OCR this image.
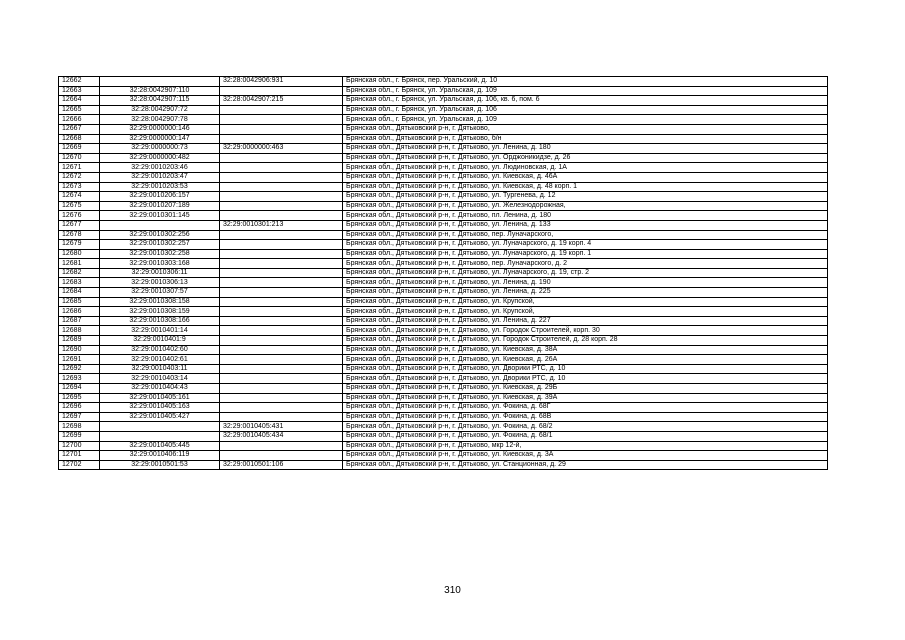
12662		32:28:0042906:931	Брянская обл., г. Брянск, пер. Уральский, д. 10
12663	32:28:0042907:110		Брянская обл., г. Брянск, ул. Уральская, д. 109
12664	32:28:0042907:115	32:28:0042907:215	Брянская обл., г. Брянск, ул. Уральская, д. 106, кв. 6, пом. 6
12665	32:28:0042907:72		Брянская обл., г. Брянск, ул. Уральская, д. 106
12666	32:28:0042907:78		Брянская обл., г. Брянск, ул. Уральская, д. 109
12667	32:29:0000000:146		Брянская обл., Дятьковский р-н, г. Дятьково,
12668	32:29:0000000:147		Брянская обл., Дятьковский р-н, г. Дятьково, б/н
12669	32:29:0000000:73	32:29:0000000:463	Брянская обл., Дятьковский р-н, г. Дятьково, ул. Ленина, д. 180
12670	32:29:0000000:482		Брянская обл., Дятьковский р-н, г. Дятьково, ул. Орджоникидзе, д. 26
12671	32:29:0010203:46		Брянская обл., Дятьковский р-н, г. Дятьково, ул. Людиновская, д. 1А
12672	32:29:0010203:47		Брянская обл., Дятьковский р-н, г. Дятьково, ул. Киевская, д. 46А
12673	32:29:0010203:53		Брянская обл., Дятьковский р-н, г. Дятьково, ул. Киевская, д. 48 корп. 1
12674	32:29:0010206:157		Брянская обл., Дятьковский р-н, г. Дятьково, ул. Тургенева, д. 12
12675	32:29:0010207:189		Брянская обл., Дятьковский р-н, г. Дятьково, ул. Железнодорожная,
12676	32:29:0010301:145		Брянская обл., Дятьковский р-н, г. Дятьково, пл. Ленина, д. 180
12677		32:29:0010301:213	Брянская обл., Дятьковский р-н, г. Дятьково, ул. Ленина, д. 133
12678	32:29:0010302:256		Брянская обл., Дятьковский р-н, г. Дятьково, пер. Луначарского,
12679	32:29:0010302:257		Брянская обл., Дятьковский р-н, г. Дятьково, ул. Луначарского, д. 19 корп. 4
12680	32:29:0010302:258		Брянская обл., Дятьковский р-н, г. Дятьково, ул. Луначарского, д. 19 корп. 1
12681	32:29:0010303:168		Брянская обл., Дятьковский р-н, г. Дятьково, пер. Луначарского, д. 2
12682	32:29:0010306:11		Брянская обл., Дятьковский р-н, г. Дятьково, ул. Луначарского, д. 19, стр. 2
12683	32:29:0010306:13		Брянская обл., Дятьковский р-н, г. Дятьково, ул. Ленина, д. 190
12684	32:29:0010307:57		Брянская обл., Дятьковский р-н, г. Дятьково, ул. Ленина, д. 225
12685	32:29:0010308:158		Брянская обл., Дятьковский р-н, г. Дятьково, ул. Крупской,
12686	32:29:0010308:159		Брянская обл., Дятьковский р-н, г. Дятьково, ул. Крупской,
12687	32:29:0010308:166		Брянская обл., Дятьковский р-н, г. Дятьково, ул. Ленина, д. 227
12688	32:29:0010401:14		Брянская обл., Дятьковский р-н, г. Дятьково, ул. Городок Строителей, корп. 30
12689	32:29:0010401:9		Брянская обл., Дятьковский р-н, г. Дятьково, ул. Городок Строителей, д. 28 корп. 28
12690	32:29:0010402:60		Брянская обл., Дятьковский р-н, г. Дятьково, ул. Киевская, д. 38А
12691	32:29:0010402:61		Брянская обл., Дятьковский р-н, г. Дятьково, ул. Киевская, д. 26А
12692	32:29:0010403:11		Брянская обл., Дятьковский р-н, г. Дятьково, ул. Дворики РТС, д. 10
12693	32:29:0010403:14		Брянская обл., Дятьковский р-н, г. Дятьково, ул. Дворики РТС, д. 10
12694	32:29:0010404:43		Брянская обл., Дятьковский р-н, г. Дятьково, ул. Киевская, д. 29Б
12695	32:29:0010405:161		Брянская обл., Дятьковский р-н, г. Дятьково, ул. Киевская, д. 39А
12696	32:29:0010405:163		Брянская обл., Дятьковский р-н, г. Дятьково, ул. Фокина, д. 68Г
12697	32:29:0010405:427		Брянская обл., Дятьковский р-н, г. Дятьково, ул. Фокина, д. 68В
12698		32:29:0010405:431	Брянская обл., Дятьковский р-н, г. Дятьково, ул. Фокина, д. 68/2
12699		32:29:0010405:434	Брянская обл., Дятьковский р-н, г. Дятьково, ул. Фокина, д. 68/1
12700	32:29:0010405:445		Брянская обл., Дятьковский р-н, г. Дятьково, мкр 12-й,
12701	32:29:0010406:119		Брянская обл., Дятьковский р-н, г. Дятьково, ул. Киевская, д. 3А
12702	32:29:0010501:53	32:29:0010501:106	Брянская обл., Дятьковский р-н, г. Дятьково, ул. Станционная, д. 29
310
